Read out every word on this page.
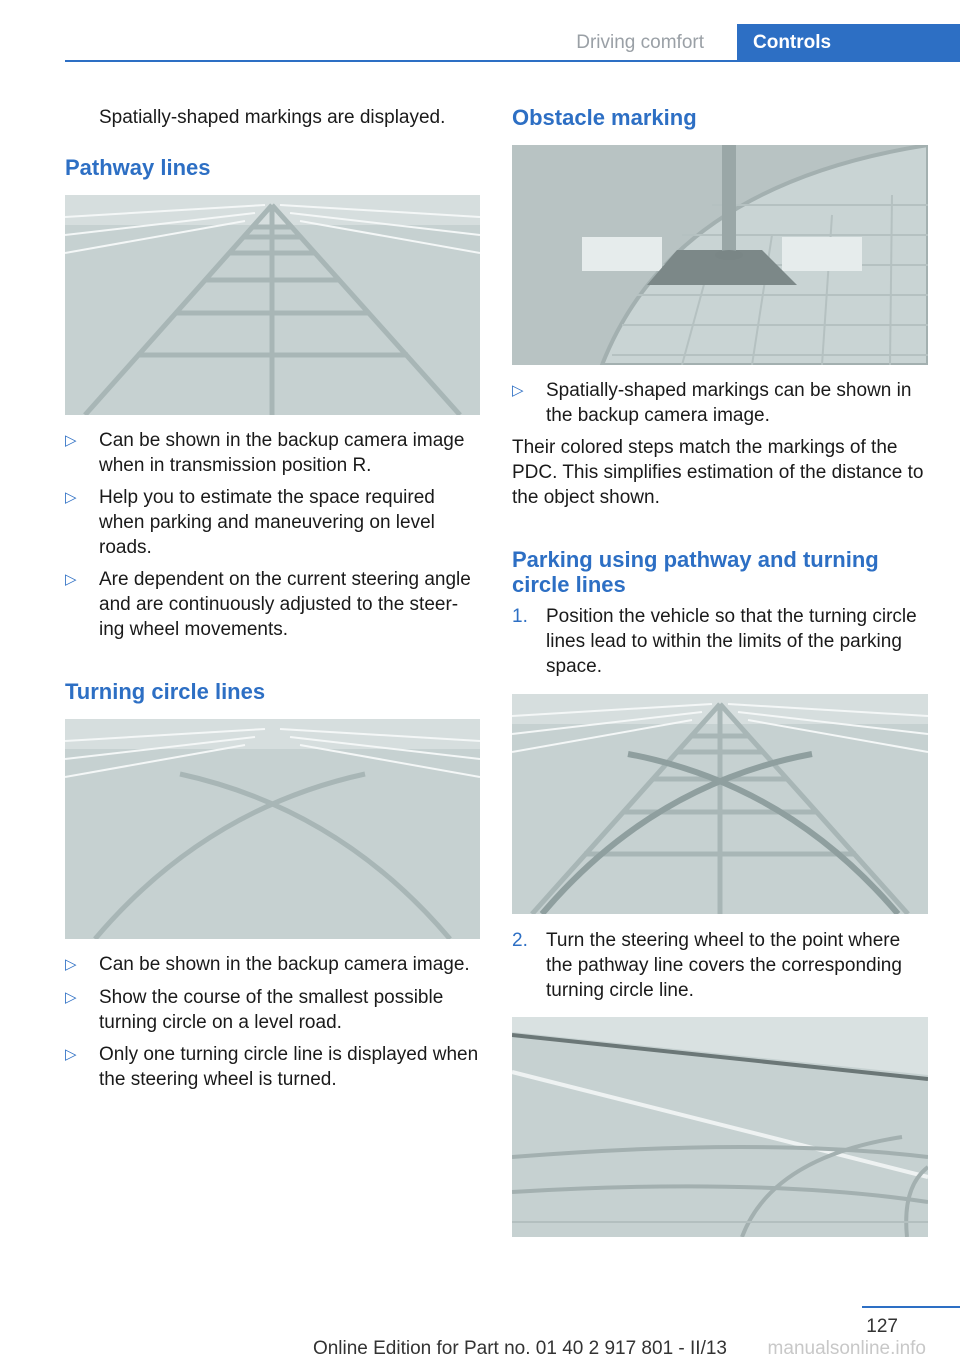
Driving comfort	Controls

Spatially-shaped markings are displayed.

Pathway lines
▷ Can be shown in the backup camera image when in transmission position R.
▷ Help you to estimate the space required when parking and maneuvering on level roads.
▷ Are dependent on the current steering angle and are continuously adjusted to the steer‐ ing wheel movements.
Turning circle lines
▷ Can be shown in the backup camera image.
▷ Show the course of the smallest possible turning circle on a level road.
▷ Only one turning circle line is displayed when the steering wheel is turned.
Obstacle marking
▷ Spatially-shaped markings can be shown in the backup camera image.

Their colored steps match the markings of the PDC. This simplifies estimation of the distance to the object shown.

Parking using pathway and turning circle lines
1. Position the vehicle so that the turning circle lines lead to within the limits of the parking space.
2. Turn the steering wheel to the point where the pathway line covers the corresponding turning circle line.
127
Online Edition for Part no. 01 40 2 917 801 - II/13 manualsonline.info
